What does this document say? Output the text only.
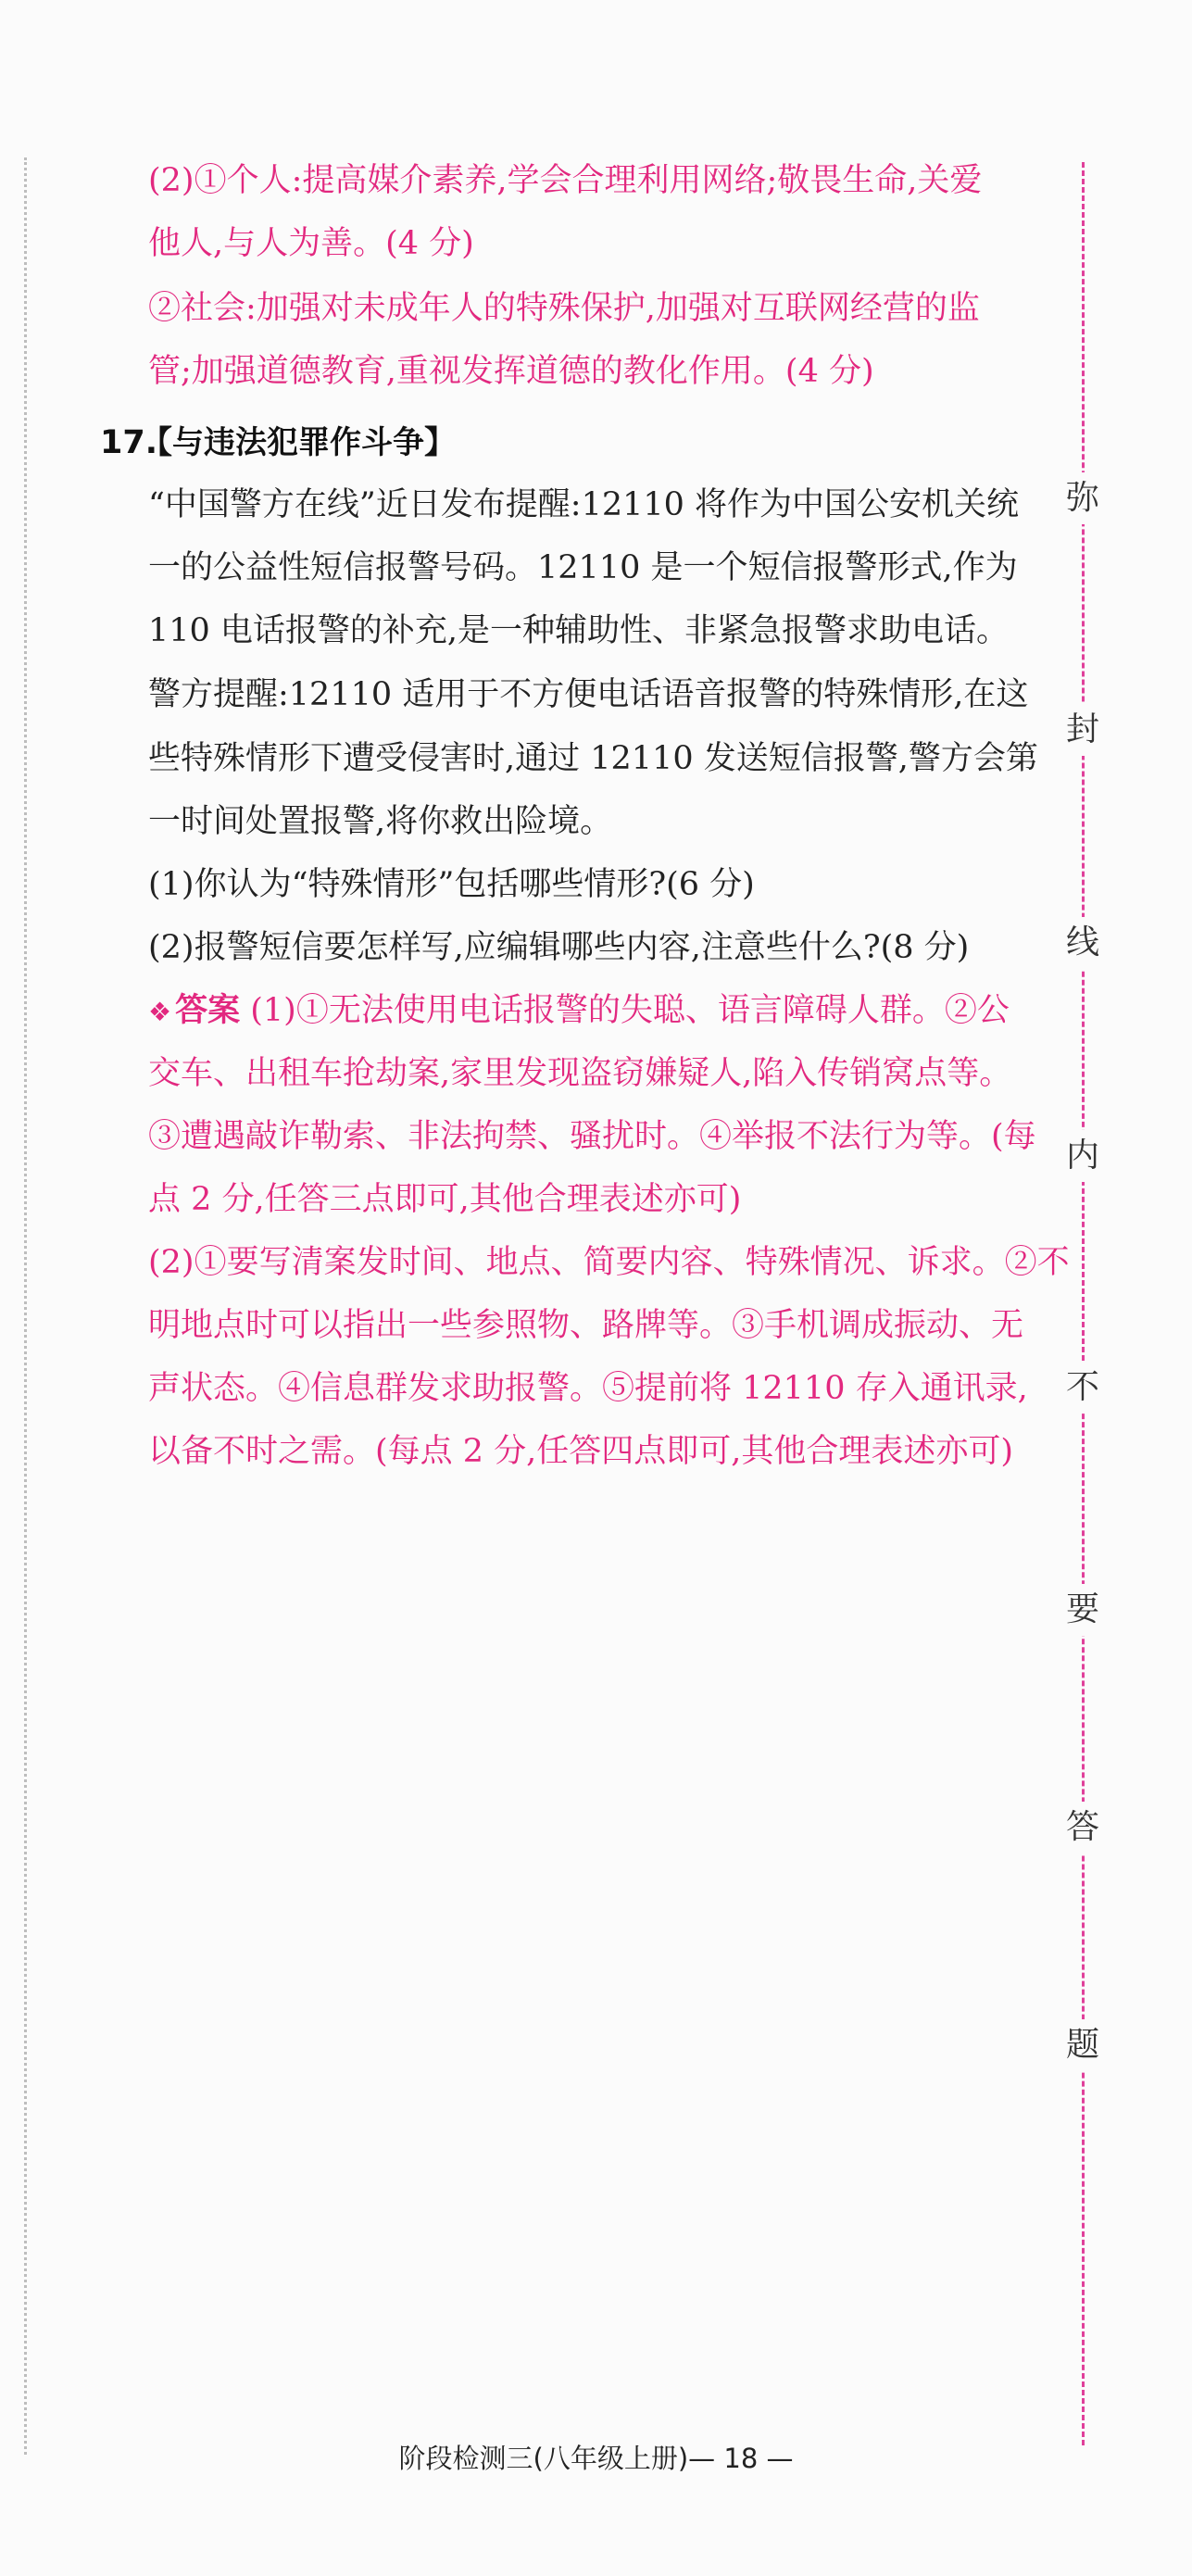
弥
封
线
内
不
要
答
题
(2)①个人:提高媒介素养,学会合理利用网络;敬畏生命,关爱
他人,与人为善。(4 分)
②社会:加强对未成年人的特殊保护,加强对互联网经营的监
管;加强道德教育,重视发挥道德的教化作用。(4 分)
17.
【与违法犯罪作斗争】
“中国警方在线”近日发布提醒:12110 将作为中国公安机关统
一的公益性短信报警号码。12110 是一个短信报警形式,作为
110 电话报警的补充,是一种辅助性、非紧急报警求助电话。
警方提醒:12110 适用于不方便电话语音报警的特殊情形,在这
些特殊情形下遭受侵害时,通过 12110 发送短信报警,警方会第
一时间处置报警,将你救出险境。
(1)你认为“特殊情形”包括哪些情形?(6 分)
(2)报警短信要怎样写,应编辑哪些内容,注意些什么?(8 分)
❖ 答案 (1)①无法使用电话报警的失聪、语言障碍人群。②公
交车、出租车抢劫案,家里发现盗窃嫌疑人,陷入传销窝点等。
③遭遇敲诈勒索、非法拘禁、骚扰时。④举报不法行为等。(每
点 2 分,任答三点即可,其他合理表述亦可)
(2)①要写清案发时间、地点、简要内容、特殊情况、诉求。②不
明地点时可以指出一些参照物、路牌等。③手机调成振动、无
声状态。④信息群发求助报警。⑤提前将 12110 存入通讯录,
以备不时之需。(每点 2 分,任答四点即可,其他合理表述亦可)
阶段检测三(八年级上册)— 18 —
